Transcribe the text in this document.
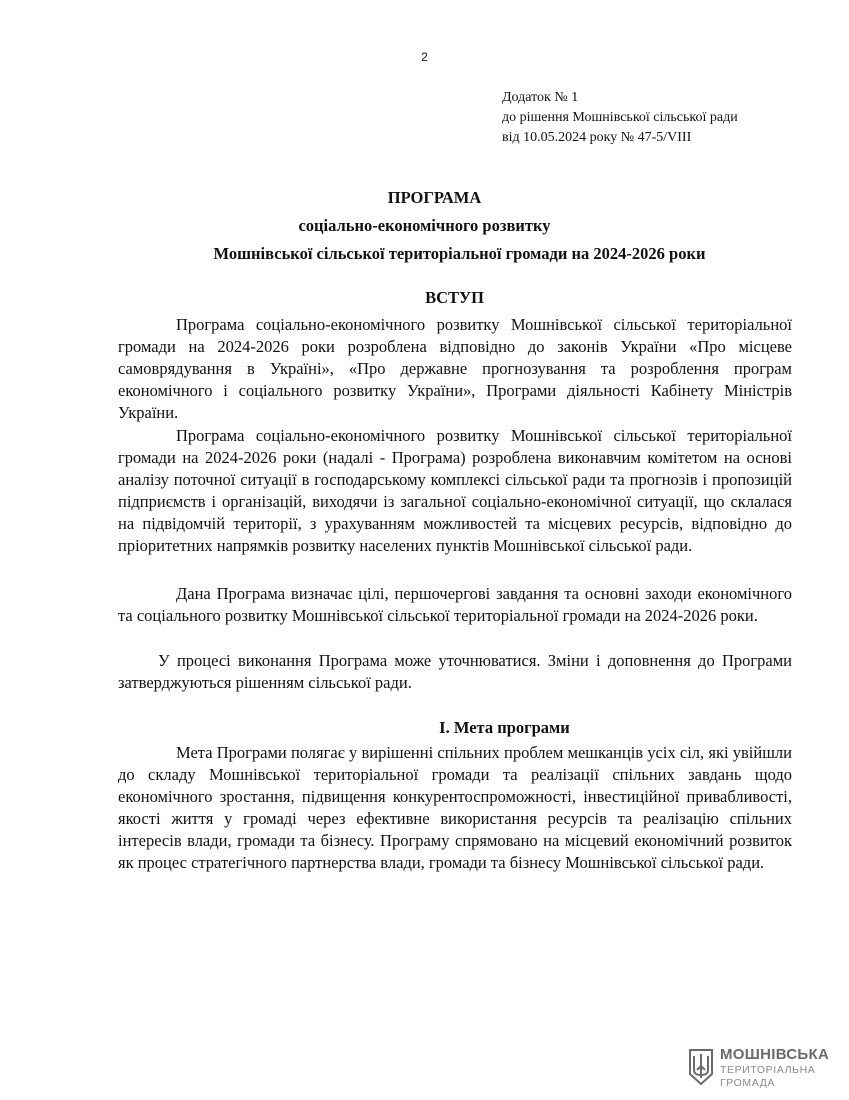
2
Додаток № 1
до рішення Мошнівської сільської ради
від 10.05.2024 року № 47-5/VIII
ПРОГРАМА
соціально-економічного розвитку
Мошнівської сільської територіальної громади на 2024-2026 роки
ВСТУП

Програма соціально-економічного розвитку Мошнівської сільської територіальної громади на 2024-2026 роки розроблена відповідно до законів України «Про місцеве самоврядування в Україні», «Про державне прогнозування та розроблення програм економічного і соціального розвитку України», Програми діяльності Кабінету Міністрів України.

Програма соціально-економічного розвитку Мошнівської сільської територіальної громади на 2024-2026 роки (надалі - Програма) розроблена виконавчим комітетом на основі аналізу поточної ситуації в господарському комплексі сільської ради та прогнозів і пропозицій підприємств і організацій, виходячи із загальної соціально-економічної ситуації, що склалася на підвідомчій території, з урахуванням можливостей та місцевих ресурсів, відповідно до пріоритетних напрямків розвитку населених пунктів Мошнівської сільської ради.

Дана Програма визначає цілі, першочергові завдання та основні заходи економічного та соціального розвитку Мошнівської сільської територіальної громади на 2024-2026 роки.

У процесі виконання Програма може уточнюватися. Зміни і доповнення до Програми затверджуються рішенням сільської ради.

І. Мета програми

Мета Програми полягає у вирішенні спільних проблем мешканців усіх сіл, які увійшли до складу Мошнівської територіальної громади та реалізації спільних завдань щодо економічного зростання, підвищення конкурентоспроможності, інвестиційної привабливості, якості життя у громаді через ефективне використання ресурсів та реалізацію спільних інтересів влади, громади та бізнесу. Програму спрямовано на місцевий економічний розвиток як процес стратегічного партнерства влади, громади та бізнесу Мошнівської сільської ради.

МОШНІВСЬКА
ТЕРИТОРІАЛЬНА
ГРОМАДА
